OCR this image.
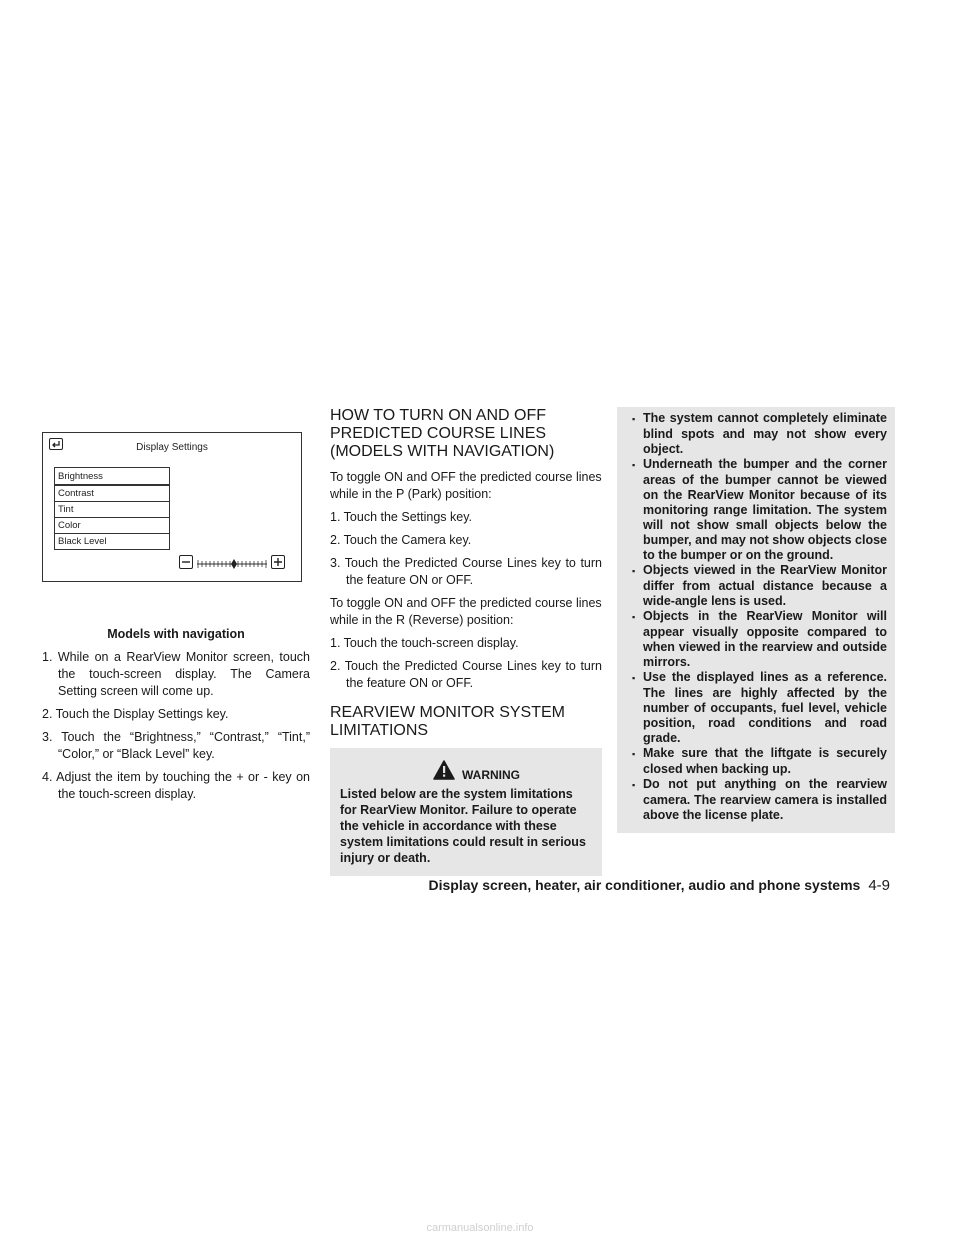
Display Settings
Brightness
Contrast
Tint
Color
Black Level
Models with navigation
1. While on a RearView Monitor screen, touch the touch-screen display. The Camera Setting screen will come up.
2. Touch the Display Settings key.
3. Touch the “Brightness,” “Contrast,” “Tint,” “Color,” or “Black Level” key.
4. Adjust the item by touching the + or - key on the touch-screen display.
HOW TO TURN ON AND OFF PREDICTED COURSE LINES (MODELS WITH NAVIGATION)

To toggle ON and OFF the predicted course lines while in the P (Park) position:

1. Touch the Settings key.
2. Touch the Camera key.
3. Touch the Predicted Course Lines key to turn the feature ON or OFF.

To toggle ON and OFF the predicted course lines while in the R (Reverse) position:

1. Touch the touch-screen display.
2. Touch the Predicted Course Lines key to turn the feature ON or OFF.
REARVIEW MONITOR SYSTEM LIMITATIONS
WARNING
Listed below are the system limitations for RearView Monitor. Failure to operate the vehicle in accordance with these system limitations could result in serious injury or death.
▪ The system cannot completely eliminate blind spots and may not show every object.
▪ Underneath the bumper and the corner areas of the bumper cannot be viewed on the RearView Monitor because of its monitoring range limitation. The system will not show small objects below the bumper, and may not show objects close to the bumper or on the ground.
▪ Objects viewed in the RearView Monitor differ from actual distance because a wide-angle lens is used.
▪ Objects in the RearView Monitor will appear visually opposite compared to when viewed in the rearview and outside mirrors.
▪ Use the displayed lines as a reference. The lines are highly affected by the number of occupants, fuel level, vehicle position, road conditions and road grade.
▪ Make sure that the liftgate is securely closed when backing up.
▪ Do not put anything on the rearview camera. The rearview camera is installed above the license plate.
Display screen, heater, air conditioner, audio and phone systems 4-9
carmanualsonline.info
